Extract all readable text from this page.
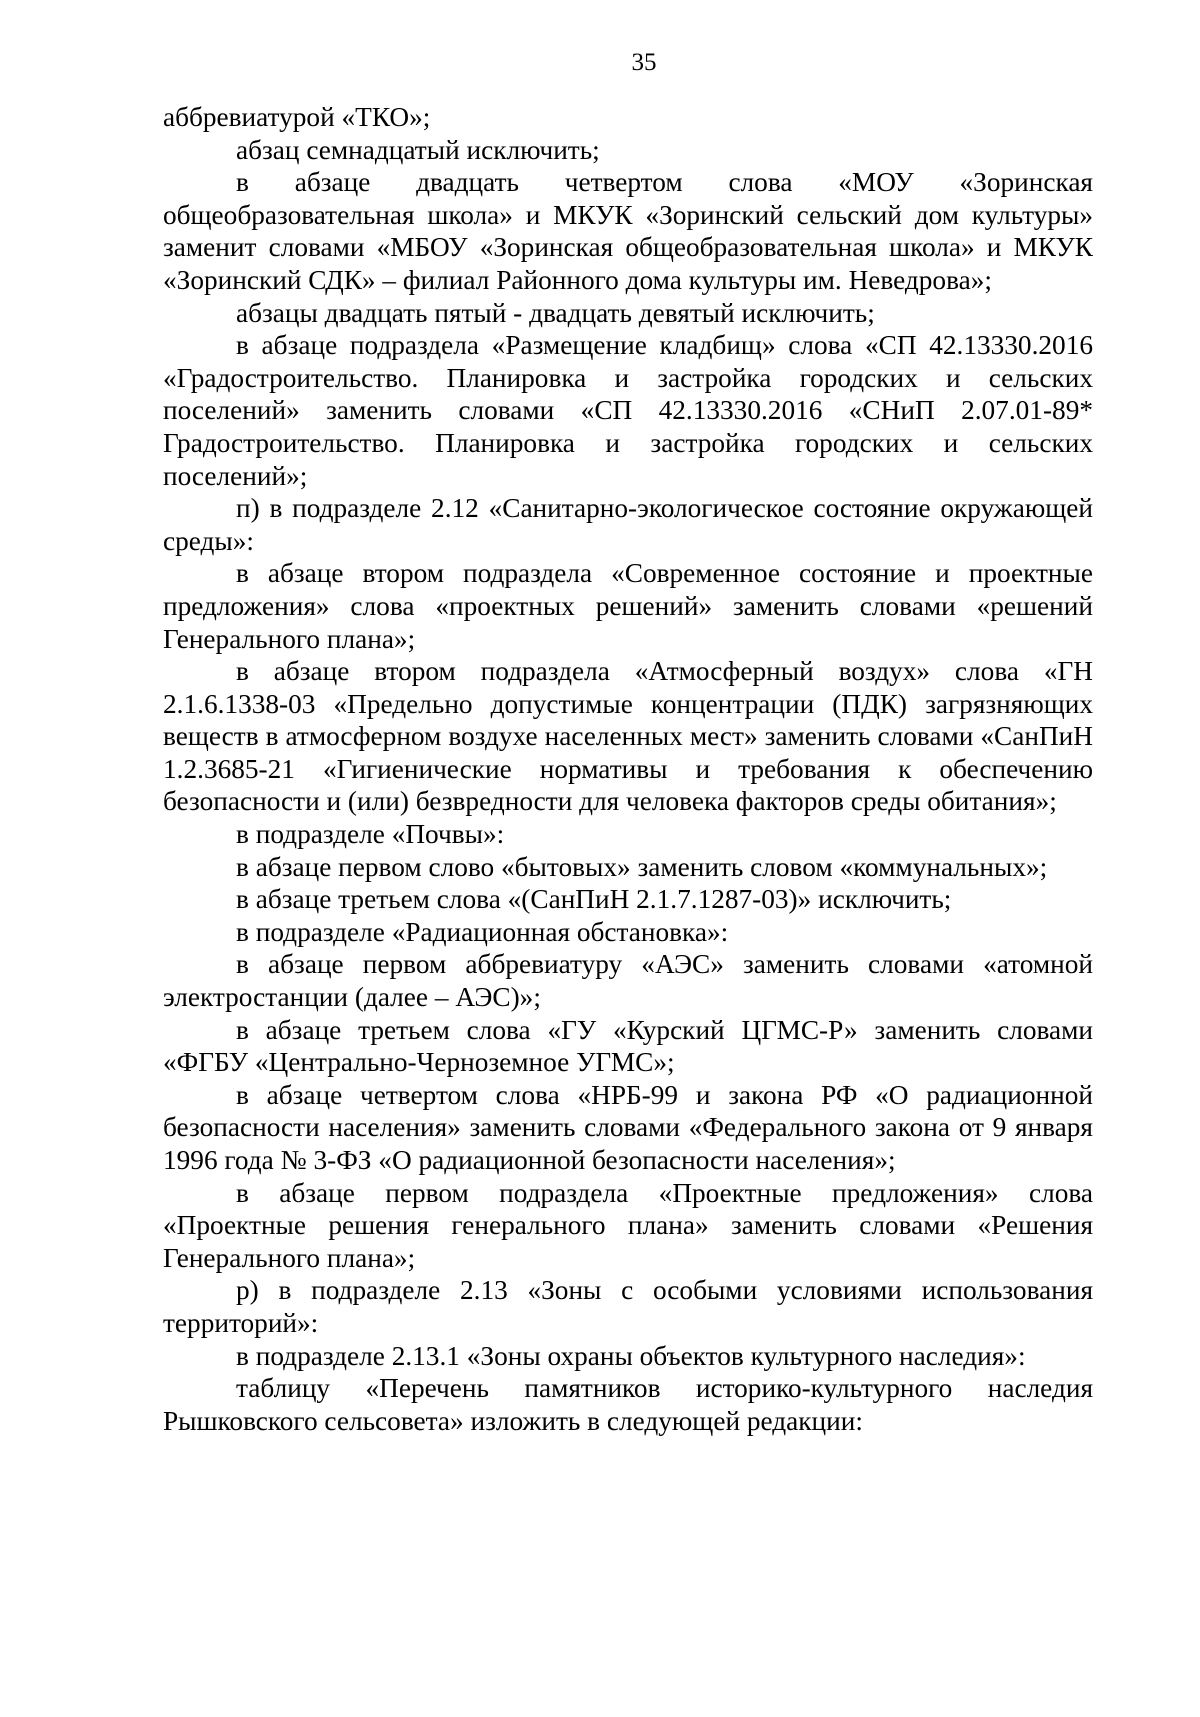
35

аббревиатурой «ТКО»;

абзац семнадцатый исключить;

в абзаце двадцать четвертом слова «МОУ «Зоринская общеобразовательная школа» и МКУК «Зоринский сельский дом культуры» заменит словами «МБОУ «Зоринская общеобразовательная школа» и МКУК «Зоринский СДК» – филиал Районного дома культуры им. Неведрова»;

абзацы двадцать пятый - двадцать девятый исключить;

в абзаце подраздела «Размещение кладбищ» слова «СП 42.13330.2016 «Градостроительство. Планировка и застройка городских и сельских поселений» заменить словами «СП 42.13330.2016 «СНиП 2.07.01-89* Градостроительство. Планировка и застройка городских и сельских поселений»;

п) в подразделе 2.12 «Санитарно-экологическое состояние окружающей среды»:

в абзаце втором подраздела «Современное состояние и проектные предложения» слова «проектных решений» заменить словами «решений Генерального плана»;

в абзаце втором подраздела «Атмосферный воздух» слова «ГН 2.1.6.1338-03 «Предельно допустимые концентрации (ПДК) загрязняющих веществ в атмосферном воздухе населенных мест» заменить словами «СанПиН 1.2.3685-21 «Гигиенические нормативы и требования к обеспечению безопасности и (или) безвредности для человека факторов среды обитания»;

в подразделе «Почвы»:

в абзаце первом слово «бытовых» заменить словом «коммунальных»;

в абзаце третьем слова «(СанПиН 2.1.7.1287-03)» исключить;

в подразделе «Радиационная обстановка»:

в абзаце первом аббревиатуру «АЭС» заменить словами «атомной электростанции (далее – АЭС)»;

в абзаце третьем слова «ГУ «Курский ЦГМС-Р» заменить словами «ФГБУ «Центрально-Черноземное УГМС»;

в абзаце четвертом слова «НРБ-99 и закона РФ «О радиационной безопасности населения» заменить словами «Федерального закона от 9 января 1996 года № 3-ФЗ «О радиационной безопасности населения»;

в абзаце первом подраздела «Проектные предложения» слова «Проектные решения генерального плана» заменить словами «Решения Генерального плана»;

р) в подразделе 2.13 «Зоны с особыми условиями использования территорий»:

в подразделе 2.13.1 «Зоны охраны объектов культурного наследия»:

таблицу «Перечень памятников историко-культурного наследия Рышковского сельсовета» изложить в следующей редакции:
